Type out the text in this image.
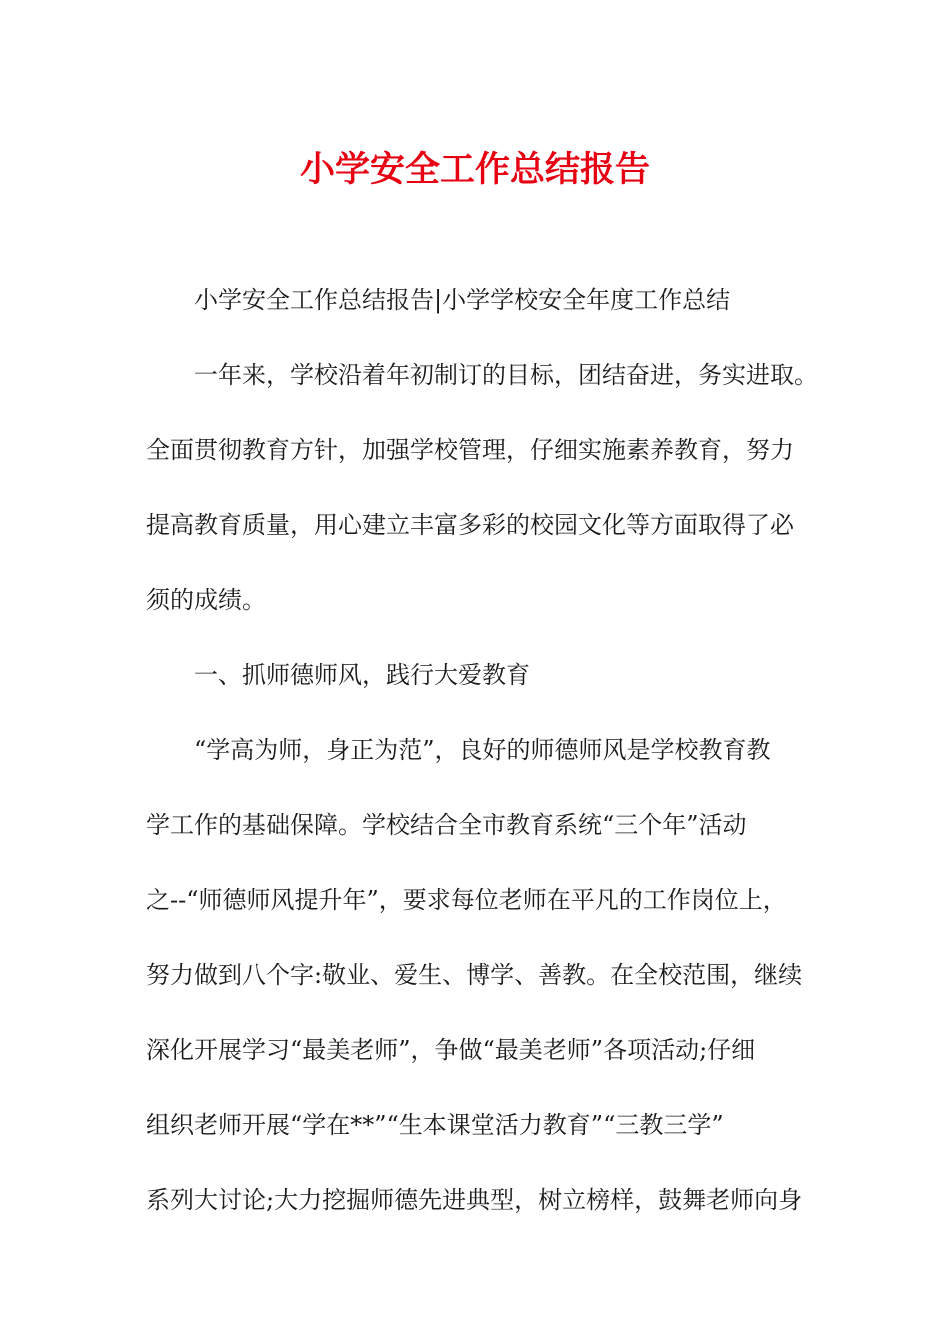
小学安全工作总结报告
小学安全工作总结报告|小学学校安全年度工作总结
一年来，学校沿着年初制订的目标，团结奋进，务实进取。
全面贯彻教育方针，加强学校管理，仔细实施素养教育，努力
提高教育质量，用心建立丰富多彩的校园文化等方面取得了必
须的成绩。
一、抓师德师风，践行大爱教育
“学高为师，身正为范”，良好的师德师风是学校教育教
学工作的基础保障。学校结合全市教育系统“三个年”活动
之--“师德师风提升年”，要求每位老师在平凡的工作岗位上，
努力做到八个字:敬业、爱生、博学、善教。在全校范围，继续
深化开展学习“最美老师”，争做“最美老师”各项活动;仔细
组织老师开展“学在**”“生本课堂活力教育”“三教三学”
系列大讨论;大力挖掘师德先进典型，树立榜样，鼓舞老师向身
